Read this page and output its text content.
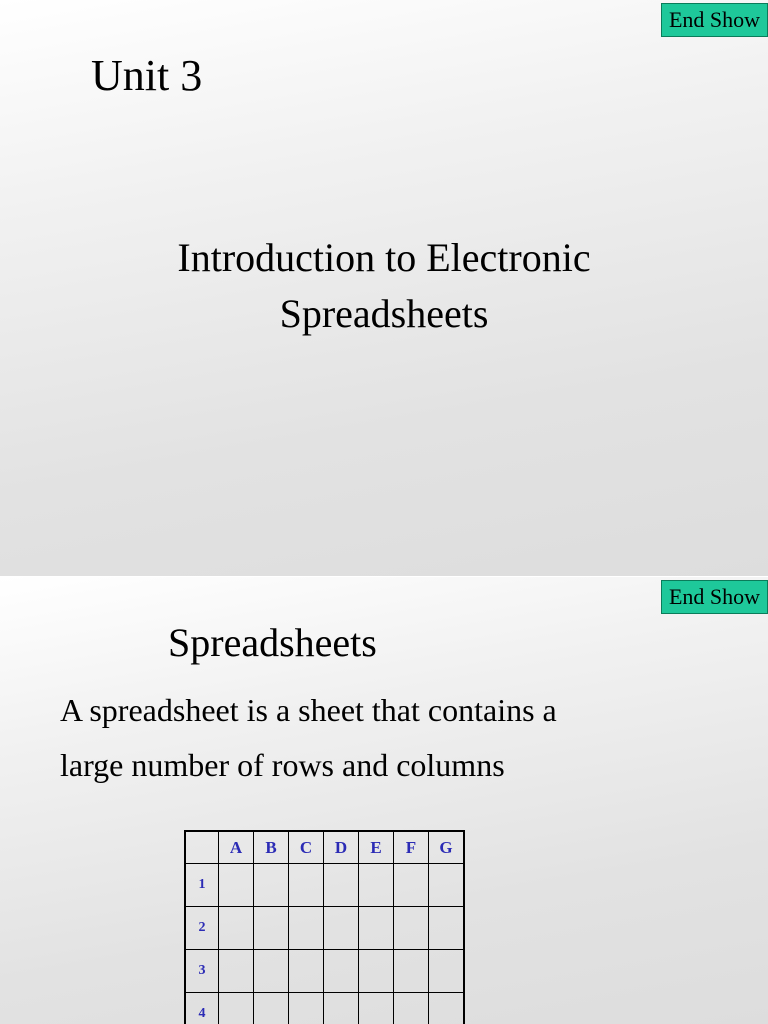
End Show
Unit 3
Introduction to Electronic
Spreadsheets
End Show
Spreadsheets
A spreadsheet is a sheet that contains a
large number of rows and columns
	A	B	C	D	E	F	G
1							
2							
3							
4							
